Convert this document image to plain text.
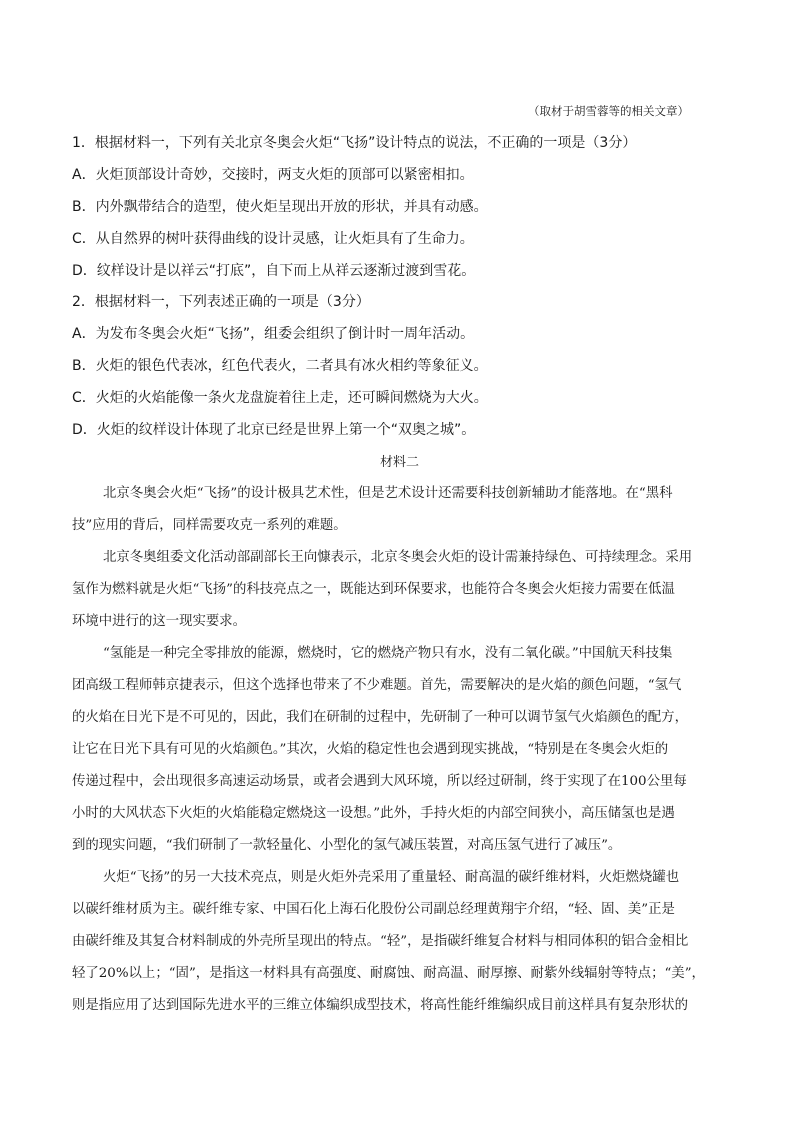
（取材于胡雪蓉等的相关文章）
1．根据材料一，下列有关北京冬奥会火炬“飞扬”设计特点的说法，不正确的一项是（3分）
A．火炬顶部设计奇妙，交接时，两支火炬的顶部可以紧密相扣。
B．内外飘带结合的造型，使火炬呈现出开放的形状，并具有动感。
C．从自然界的树叶获得曲线的设计灵感，让火炬具有了生命力。
D．纹样设计是以祥云“打底”，自下而上从祥云逐渐过渡到雪花。
2．根据材料一，下列表述正确的一项是（3分）
A．为发布冬奥会火炬“飞扬”，组委会组织了倒计时一周年活动。
B．火炬的银色代表冰，红色代表火，二者具有冰火相约等象征义。
C．火炬的火焰能像一条火龙盘旋着往上走，还可瞬间燃烧为大火。
D．火炬的纹样设计体现了北京已经是世界上第一个“双奥之城”。
材料二
北京冬奥会火炬“飞扬”的设计极具艺术性，但是艺术设计还需要科技创新辅助才能落地。在“黑科
技”应用的背后，同样需要攻克一系列的难题。
北京冬奥组委文化活动部副部长王向慷表示，北京冬奥会火炬的设计需兼持绿色、可持续理念。采用
氢作为燃料就是火炬“飞扬”的科技亮点之一，既能达到环保要求，也能符合冬奥会火炬接力需要在低温
环境中进行的这一现实要求。
“氢能是一种完全零排放的能源，燃烧时，它的燃烧产物只有水，没有二氧化碳。”中国航天科技集
团高级工程师韩京捷表示，但这个选择也带来了不少难题。首先，需要解决的是火焰的颜色问题，“氢气
的火焰在日光下是不可见的，因此，我们在研制的过程中，先研制了一种可以调节氢气火焰颜色的配方，
让它在日光下具有可见的火焰颜色。”其次，火焰的稳定性也会遇到现实挑战，“特别是在冬奥会火炬的
传递过程中，会出现很多高速运动场景，或者会遇到大风环境，所以经过研制，终于实现了在100公里每
小时的大风状态下火炬的火焰能稳定燃烧这一设想。”此外，手持火炬的内部空间狭小，高压储氢也是遇
到的现实问题，“我们研制了一款轻量化、小型化的氢气减压装置，对高压氢气进行了减压”。
火炬“飞扬”的另一大技术亮点，则是火炬外壳采用了重量轻、耐高温的碳纤维材料，火炬燃烧罐也
以碳纤维材质为主。碳纤维专家、中国石化上海石化股份公司副总经理黄翔宇介绍，“轻、固、美”正是
由碳纤维及其复合材料制成的外壳所呈现出的特点。“轻”，是指碳纤维复合材料与相同体积的铝合金相比
轻了20%以上；“固”，是指这一材料具有高强度、耐腐蚀、耐高温、耐厚擦、耐紫外线辐射等特点；“美”，
则是指应用了达到国际先进水平的三维立体编织成型技术，将高性能纤维编织成目前这样具有复杂形状的
